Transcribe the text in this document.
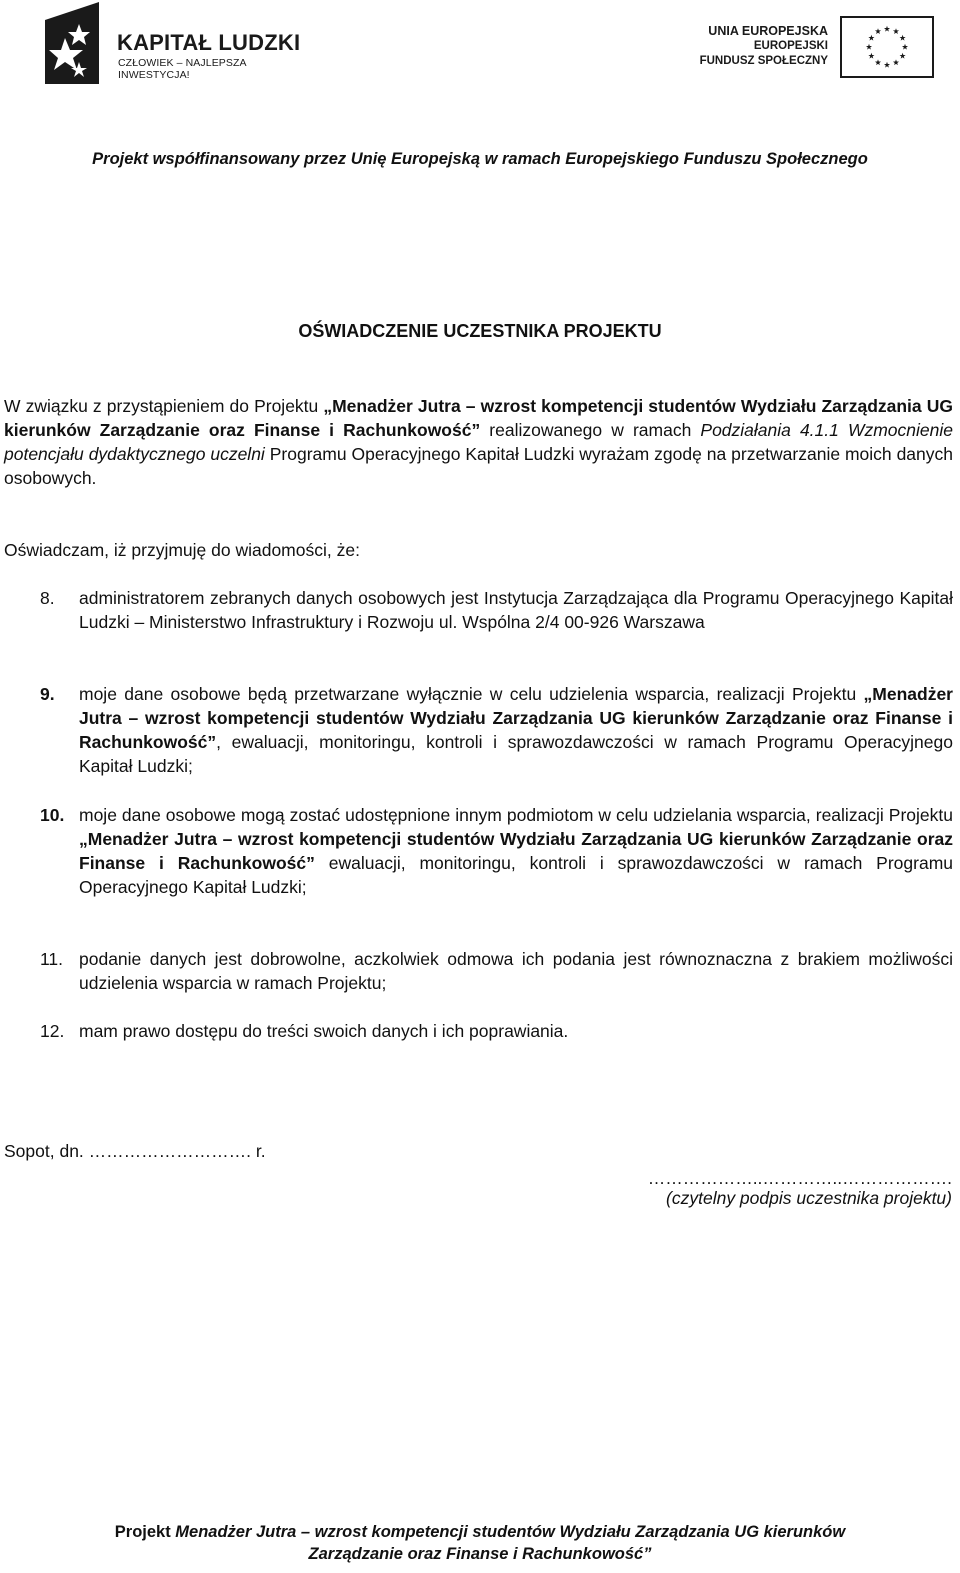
KAPITAŁ LUDZKI
CZŁOWIEK – NAJLEPSZA INWESTYCJA!
UNIA EUROPEJSKA
EUROPEJSKI
FUNDUSZ SPOŁECZNY
Projekt współfinansowany przez Unię Europejską w ramach Europejskiego Funduszu Społecznego
OŚWIADCZENIE UCZESTNIKA PROJEKTU
W związku z przystąpieniem do Projektu „Menadżer Jutra – wzrost kompetencji studentów Wydziału Zarządzania UG kierunków Zarządzanie oraz Finanse i Rachunkowość” realizowanego w ramach Podziałania 4.1.1 Wzmocnienie potencjału dydaktycznego uczelni Programu Operacyjnego Kapitał Ludzki wyrażam zgodę na przetwarzanie moich danych osobowych.
Oświadczam, iż przyjmuję do wiadomości, że:
8.	administratorem zebranych danych osobowych jest Instytucja Zarządzająca dla Programu Operacyjnego Kapitał Ludzki – Ministerstwo Infrastruktury i Rozwoju ul. Wspólna 2/4 00-926 Warszawa
9.	moje dane osobowe będą przetwarzane wyłącznie w celu udzielenia wsparcia, realizacji Projektu „Menadżer Jutra – wzrost kompetencji studentów Wydziału Zarządzania UG kierunków Zarządzanie oraz Finanse i Rachunkowość”, ewaluacji, monitoringu, kontroli i sprawozdawczości w ramach Programu Operacyjnego Kapitał Ludzki;
10. moje dane osobowe mogą zostać udostępnione innym podmiotom w celu udzielania wsparcia, realizacji Projektu „Menadżer Jutra – wzrost kompetencji studentów Wydziału Zarządzania UG kierunków Zarządzanie oraz Finanse i Rachunkowość” ewaluacji, monitoringu, kontroli i sprawozdawczości w ramach Programu Operacyjnego Kapitał Ludzki;
11. podanie danych jest dobrowolne, aczkolwiek odmowa ich podania jest równoznaczna z brakiem możliwości udzielenia wsparcia w ramach Projektu;
12. mam prawo dostępu do treści swoich danych i ich poprawiania.
Sopot, dn. ………………………. r.
………………..…………..……………….
(czytelny podpis uczestnika projektu)
Projekt Menadżer Jutra – wzrost kompetencji studentów Wydziału Zarządzania UG kierunków
Zarządzanie oraz Finanse i Rachunkowość”
